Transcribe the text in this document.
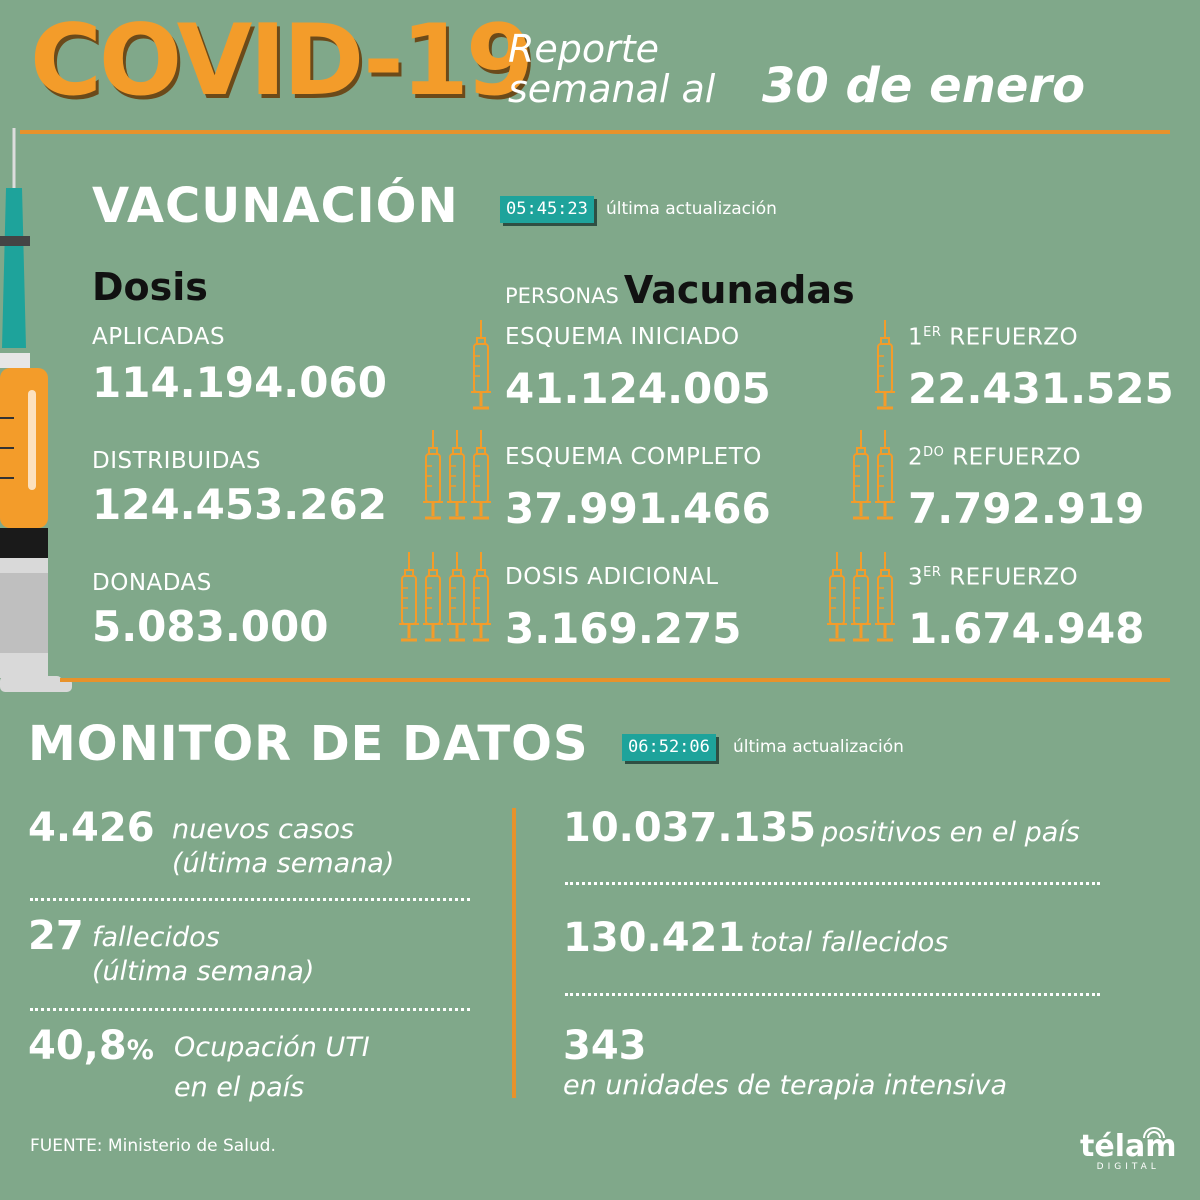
COVID-19
Reporte
semanal al 30 de enero
VACUNACIÓN	05:45:23	última actualización
Dosis	PERSONAS Vacunadas
APLICADAS
114.194.060
DISTRIBUIDAS
124.453.262
DONADAS
5.083.000
ESQUEMA INICIADO
41.124.005
ESQUEMA COMPLETO
37.991.466
DOSIS ADICIONAL
3.169.275
1ER REFUERZO
22.431.525
$2^{DO}$ REFUERZO
7.792.919
3ER REFUERZO
1.674.948
MONITOR DE DATOS	06:52:06	última actualización
4.426 nuevos casos
(última semana)
27 fallecidos
(última semana)
40,8% Ocupación UTI
en el país
10.037.135 positivos en el país
130.421 total fallecidos
343
en unidades de terapia intensiva
FUENTE: Ministerio de Salud.	télam
DIGITAL
